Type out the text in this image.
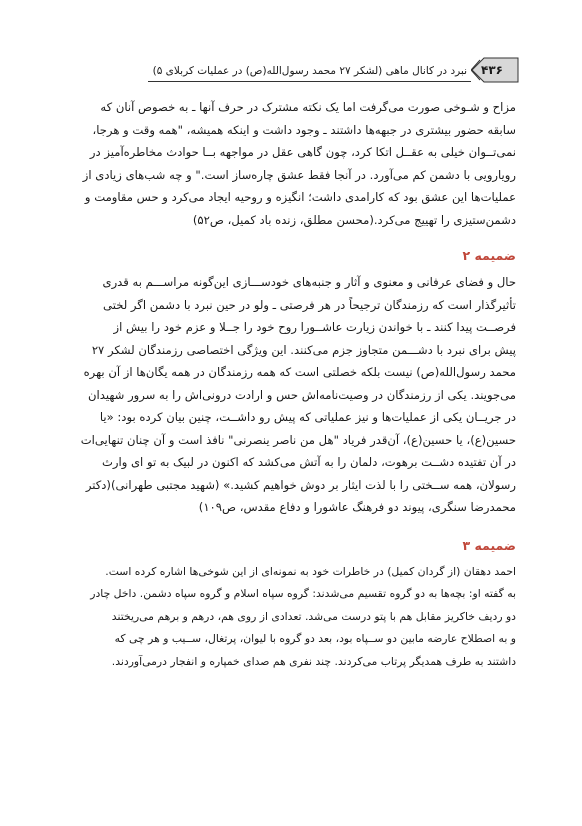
۴۳۶
نبرد در کانال ماهی (لشکر ۲۷ محمد رسول‌الله(ص) در عملیات کربلای ۵)
مزاح و شـوخی صورت می‌گرفت اما یک نکته مشترک در حرف آنها ـ به خصوص آنان که
سابقه حضور بیشتری در جبهه‌ها داشتند ـ وجود داشت و اینکه همیشه، "همه وقت و هرجا،
نمی‌تــوان خیلی به عقــل اتکا کرد، چون گاهی عقل در مواجهه بــا حوادث مخاطره‌آمیز در
رویارویی با دشمن کم می‌آورد. در آنجا فقط عشق چاره‌ساز است." و چه شب‌های زیادی از
عملیات‌ها این عشق بود که کارامدی داشت؛ انگیزه و روحیه ایجاد می‌کرد و حس مقاومت و
دشمن‌ستیزی را تهییج می‌کرد.(محسن مطلق، زنده باد کمیل، ص۵۲)
ضمیمه ۲
حال و فضای عرفانی و معنوی و آثار و جنبه‌های خودســـازی این‌گونه مراســـم به قدری
تأثیرگذار است که رزمندگان ترجیحاً در هر فرصتی ـ ولو در حین نبرد با دشمن اگر لختی
فرصــت پیدا کنند ـ با خواندن زیارت عاشــورا روح خود را جــلا و عزم خود را بیش از
پیش برای نبرد با دشـــمن متجاوز جزم می‌کنند. این ویژگی اختصاصی رزمندگان لشکر ۲۷
محمد رسول‌الله(ص) نیست بلکه خصلتی است که همه رزمندگان در همه یگان‌ها از آن بهره
می‌جویند. یکی از رزمندگان در وصیت‌نامه‌اش حس و ارادت درونی‌اش را به سرور شهیدان
در جریــان یکی از عملیات‌ها و نیز عملیاتی که پیش رو داشــت، چنین بیان کرده بود: «یا
حسین(ع)، یا حسین(ع)، آن‌قدر فریاد "هل من ناصر ینصرنی" نافذ است و آن چنان تنهایی‌ات
در آن تفتیده دشــت برهوت، دلمان را به آتش می‌کشد که اکنون در لبیک به تو ای وارث
رسولان، همه ســختی را با لذت ایثار بر دوش خواهیم کشید.» (شهید مجتبی طهرانی)(دکتر
محمدرضا سنگری، پیوند دو فرهنگ عاشورا و دفاع مقدس، ص۱۰۹)
ضمیمه ۳
احمد دهقان (از گردان کمیل) در خاطرات خود به نمونه‌ای از این شوخی‌ها اشاره کرده است.
به گفته او: بچه‌ها به دو گروه تقسیم می‌شدند: گروه سپاه اسلام و گروه سپاه دشمن. داخل چادر
دو ردیف خاکریز مقابل هم با پتو درست می‌شد. تعدادی از روی هم، درهم و برهم می‌ریختند
و به اصطلاح عارضه مابین دو ســپاه بود، بعد دو گروه با لیوان، پرتغال، ســیب و هر چی که
داشتند به طرف همدیگر پرتاب می‌کردند. چند نفری هم صدای خمپاره و انفجار درمی‌آوردند.
